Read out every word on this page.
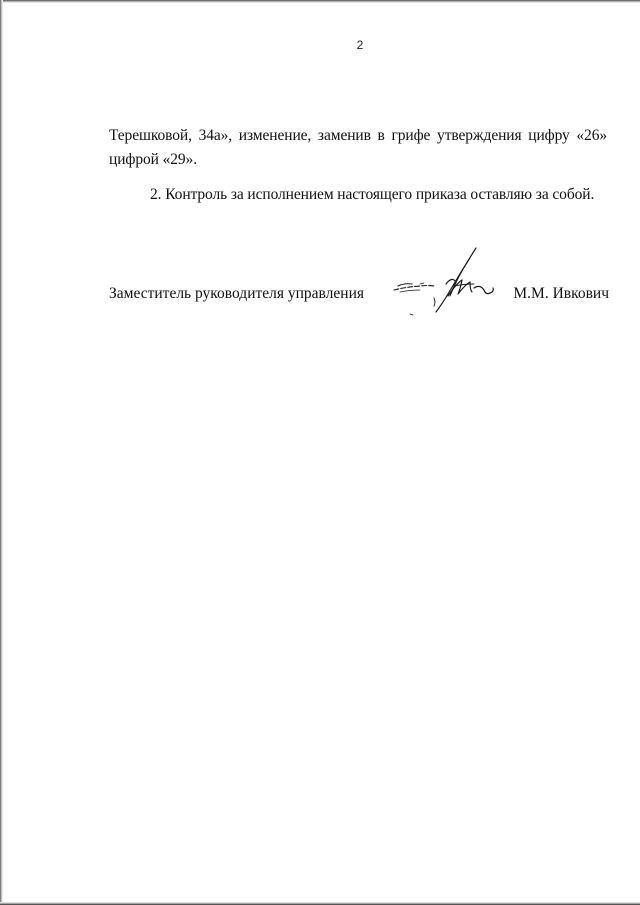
2
Терешковой, 34а», изменение, заменив в грифе утверждения цифру «26»
цифрой «29».
2. Контроль за исполнением настоящего приказа оставляю за собой.
Заместитель руководителя управления	М.М. Ивкович
